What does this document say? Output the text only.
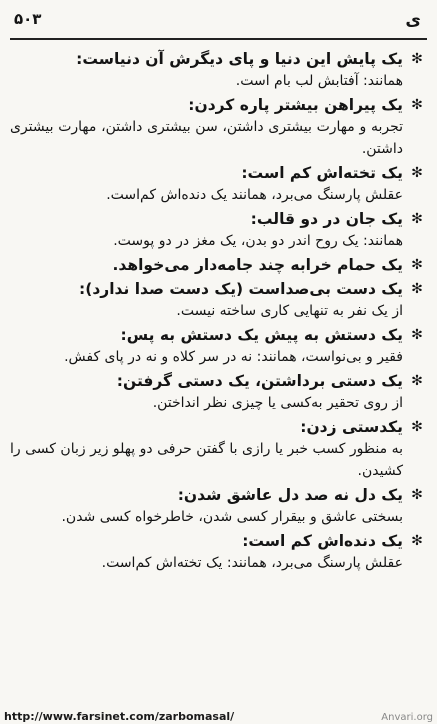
ی
۵۰۳
✻
یک پایش این دنیا و پای دیگرش آن دنیاست:
همانند: آفتابش لب بام است.
✻
یک پیراهن بیشتر پاره کردن:
تجربه و مهارت بیشتری داشتن، سن بیشتری داشتن، مهارت بیشتری داشتن.
✻
یک تخته‌اش کم است:
عقلش پارسنگ می‌برد، همانند یک دنده‌اش کم‌است.
✻
یک جان در دو قالب:
همانند: یک روح اندر دو بدن، یک مغز در دو پوست.
✻
یک حمام خرابه چند جامه‌دار می‌خواهد.
✻
یک دست بی‌صداست (یک دست صدا ندارد):
از یک نفر به تنهایی کاری ساخته نیست.
✻
یک دستش به پیش یک دستش به پس:
فقیر و بی‌نواست، همانند: نه در سر کلاه و نه در پای کفش.
✻
یک دستی برداشتن، یک دستی گرفتن:
از روی تحقیر به‌کسی یا چیزی نظر انداختن.
✻
یکدستی زدن:
به منظور کسب خبر یا رازی با گفتن حرفی دو پهلو زیر زبان کسی را کشیدن.
✻
یک دل نه صد دل عاشق شدن:
بسختی عاشق و بیقرار کسی شدن، خاطرخواه کسی شدن.
✻
یک دنده‌اش کم است:
عقلش پارسنگ می‌برد، همانند: یک تخته‌اش کم‌است.
http://www.farsinet.com/zarbomasal/	Anvari.org
